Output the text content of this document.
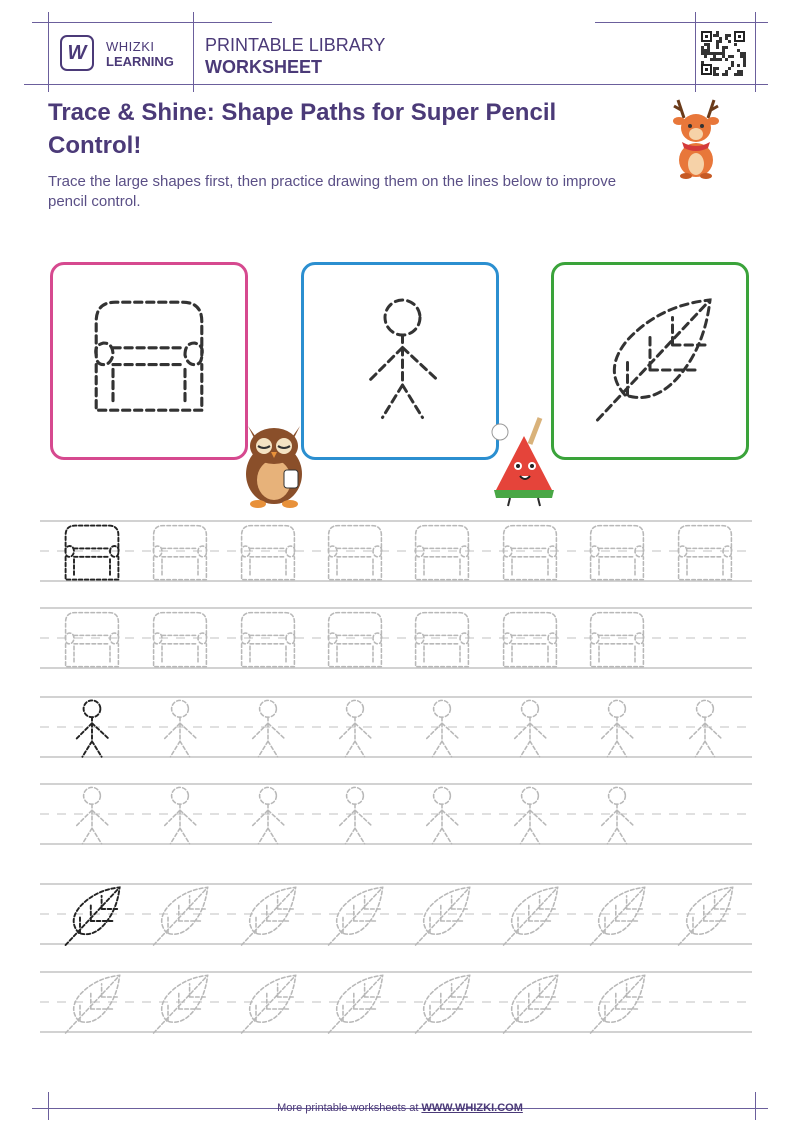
W WHIZKI
LEARNING
PRINTABLE LIBRARY
WORKSHEET
Trace & Shine: Shape Paths for Super Pencil Control!
Trace the large shapes first, then practice drawing them on the lines below to improve pencil control.
More printable worksheets at WWW.WHIZKI.COM
